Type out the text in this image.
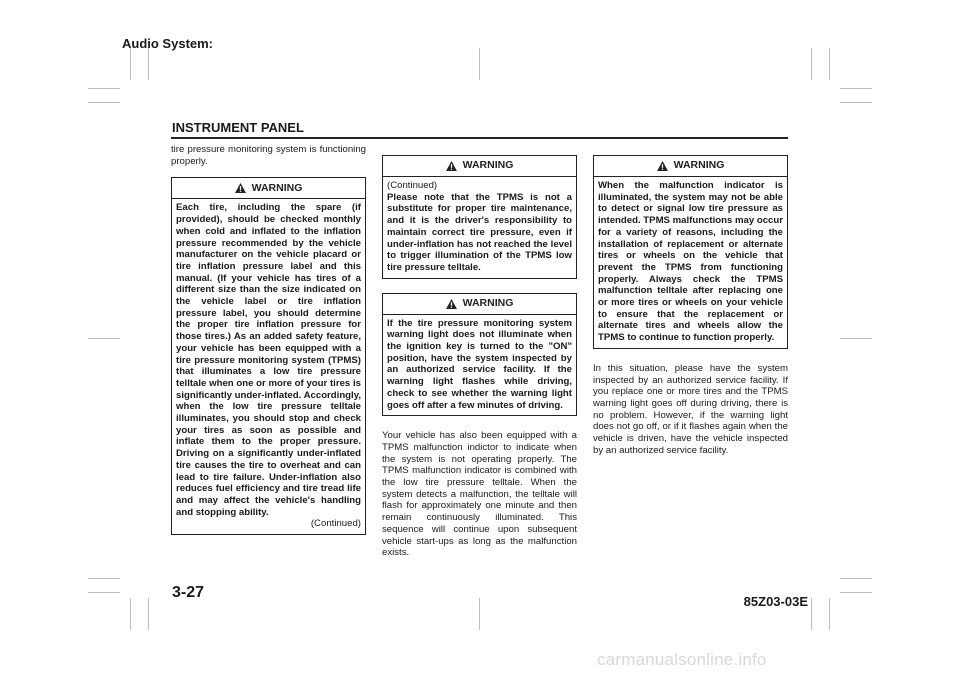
Audio System:
INSTRUMENT PANEL

tire pressure monitoring system is functioning properly.

WARNING
Each tire, including the spare (if provided), should be checked monthly when cold and inflated to the inflation pressure recommended by the vehicle manufacturer on the vehicle placard or tire inflation pressure label and this manual. (If your vehicle has tires of a different size than the size indicated on the vehicle label or tire inflation pressure label, you should determine the proper tire inflation pressure for those tires.) As an added safety feature, your vehicle has been equipped with a tire pressure monitoring system (TPMS) that illuminates a low tire pressure telltale when one or more of your tires is significantly under-inflated. Accordingly, when the low tire pressure telltale illuminates, you should stop and check your tires as soon as possible and inflate them to the proper pressure. Driving on a significantly under-inflated tire causes the tire to overheat and can lead to tire failure. Under-inflation also reduces fuel efficiency and tire tread life and may affect the vehicle's handling and stopping ability.
(Continued)
WARNING
(Continued)
Please note that the TPMS is not a substitute for proper tire maintenance, and it is the driver's responsibility to maintain correct tire pressure, even if under-inflation has not reached the level to trigger illumination of the TPMS low tire pressure telltale.
WARNING
If the tire pressure monitoring system warning light does not illuminate when the ignition key is turned to the "ON" position, have the system inspected by an authorized service facility. If the warning light flashes while driving, check to see whether the warning light goes off after a few minutes of driving.

Your vehicle has also been equipped with a TPMS malfunction indictor to indicate when the system is not operating properly. The TPMS malfunction indicator is combined with the low tire pressure telltale. When the system detects a malfunction, the telltale will flash for approximately one minute and then remain continuously illuminated. This sequence will continue upon subsequent vehicle start-ups as long as the malfunction exists.

WARNING
When the malfunction indicator is illuminated, the system may not be able to detect or signal low tire pressure as intended. TPMS malfunctions may occur for a variety of reasons, including the installation of replacement or alternate tires or wheels on the vehicle that prevent the TPMS from functioning properly. Always check the TPMS malfunction telltale after replacing one or more tires or wheels on your vehicle to ensure that the replacement or alternate tires and wheels allow the TPMS to continue to function properly.

In this situation, please have the system inspected by an authorized service facility. If you replace one or more tires and the TPMS warning light goes off during driving, there is no problem. However, if the warning light does not go off, or if it flashes again when the vehicle is driven, have the vehicle inspected by an authorized service facility.

3-27
85Z03-03E
carmanualsonline.info
